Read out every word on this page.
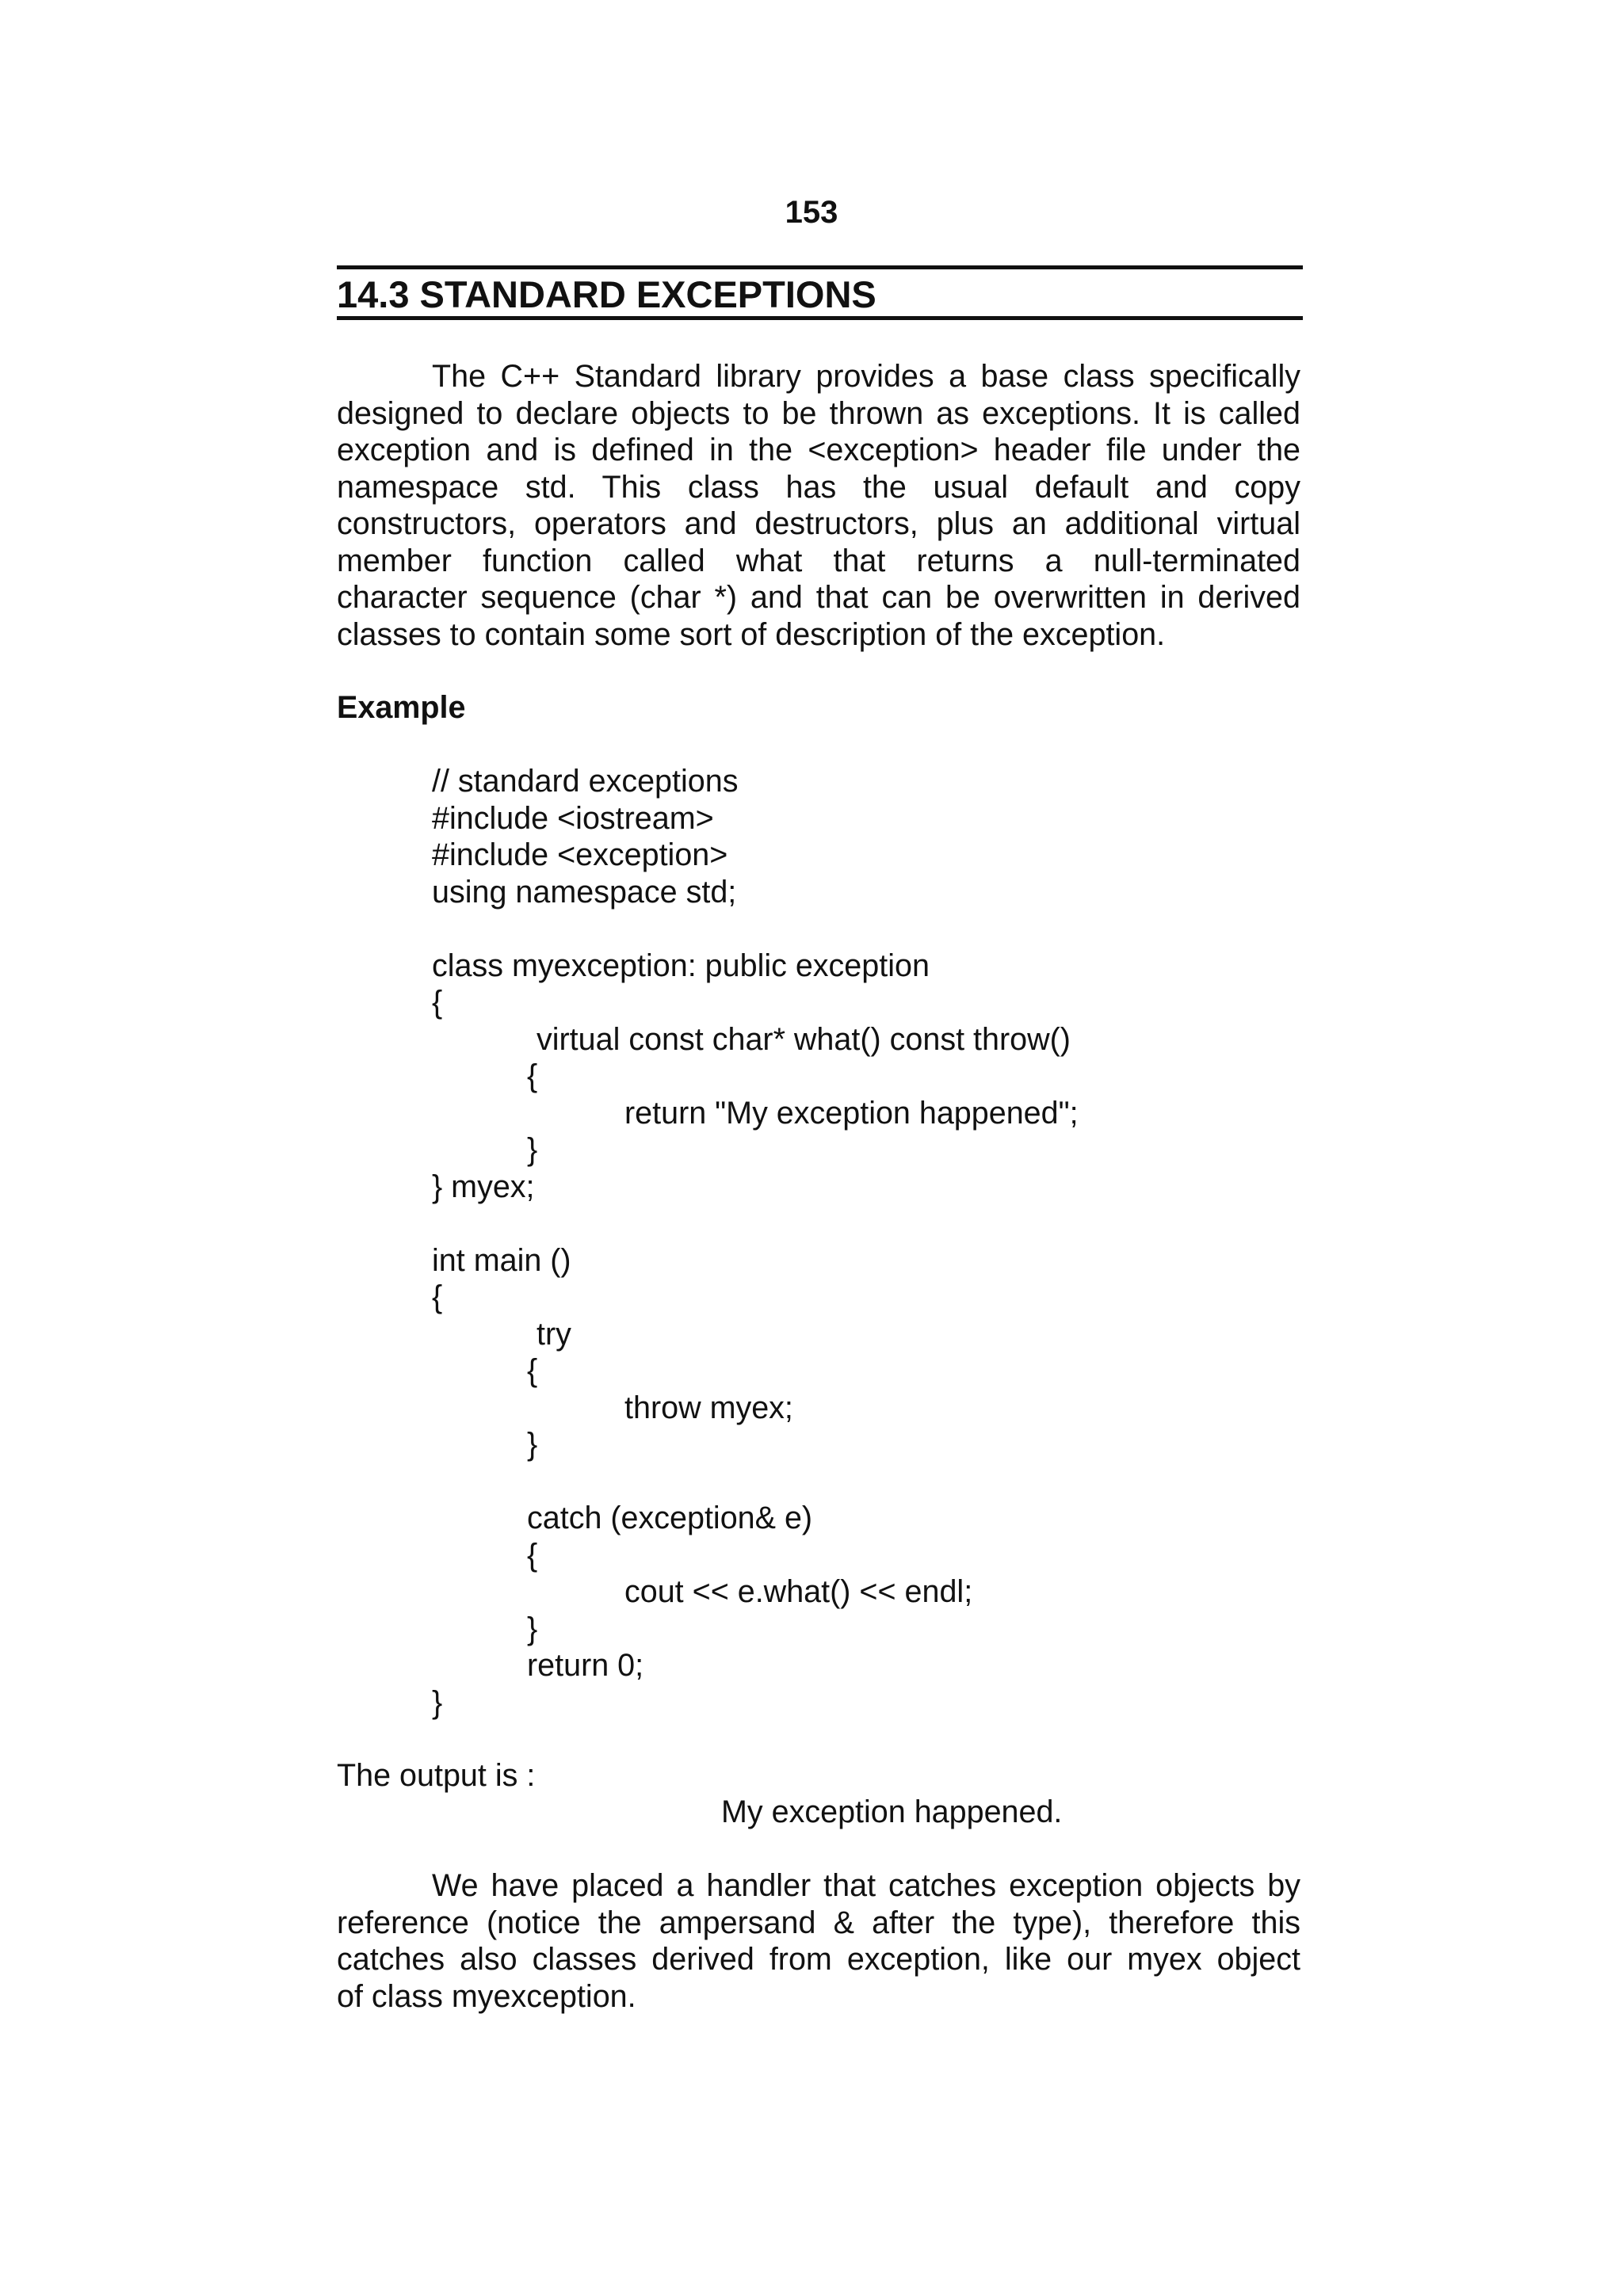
153
14.3 STANDARD EXCEPTIONS

The C++ Standard library provides a base class specifically
designed to declare objects to be thrown as exceptions. It is called
exception and is defined in the <exception> header file under the
namespace std. This class has the usual default and copy
constructors, operators and destructors, plus an additional virtual
member function called what that returns a null-terminated
character sequence (char *) and that can be overwritten in derived
classes to contain some sort of description of the exception.

Example
// standard exceptions
#include <iostream>
#include <exception>
using namespace std;
class myexception: public exception
{
virtual const char* what() const throw()
{
return "My exception happened";
}
} myex;
int main ()
{
try
{
throw myex;
}
catch (exception& e)
{
cout << e.what() << endl;
}
return 0;
}
The output is :
My exception happened.

We have placed a handler that catches exception objects by
reference (notice the ampersand & after the type), therefore this
catches also classes derived from exception, like our myex object
of class myexception.
